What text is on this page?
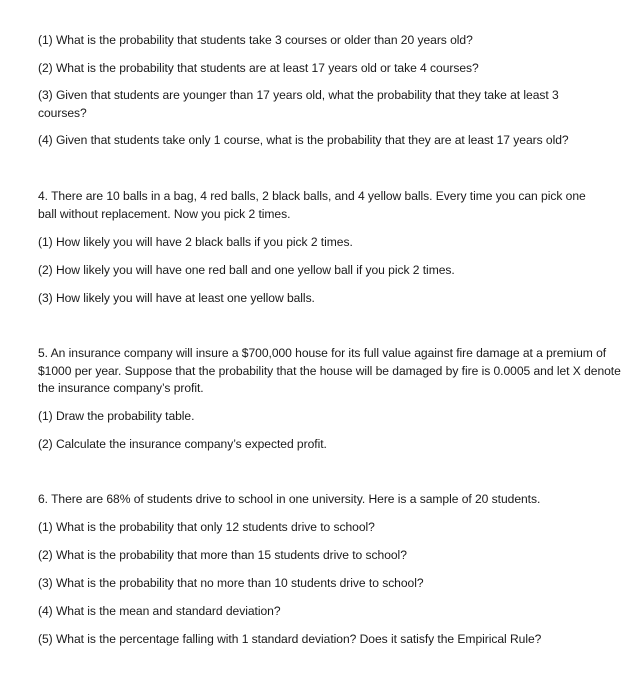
(1) What is the probability that students take 3 courses or older than 20 years old?

(2) What is the probability that students are at least 17 years old or take 4 courses?

(3) Given that students are younger than 17 years old, what the probability that they take at least 3 courses?

(4) Given that students take only 1 course, what is the probability that they are at least 17 years old?

4. There are 10 balls in a bag, 4 red balls, 2 black balls, and 4 yellow balls. Every time you can pick one ball without replacement. Now you pick 2 times.

(1) How likely you will have 2 black balls if you pick 2 times.

(2) How likely you will have one red ball and one yellow ball if you pick 2 times.

(3) How likely you will have at least one yellow balls.

5. An insurance company will insure a $700,000 house for its full value against fire damage at a premium of $1000 per year. Suppose that the probability that the house will be damaged by fire is 0.0005 and let X denote the insurance company’s profit.

(1) Draw the probability table.

(2) Calculate the insurance company’s expected profit.

6. There are 68% of students drive to school in one university. Here is a sample of 20 students.

(1) What is the probability that only 12 students drive to school?

(2) What is the probability that more than 15 students drive to school?

(3) What is the probability that no more than 10 students drive to school?

(4) What is the mean and standard deviation?

(5) What is the percentage falling with 1 standard deviation? Does it satisfy the Empirical Rule?
